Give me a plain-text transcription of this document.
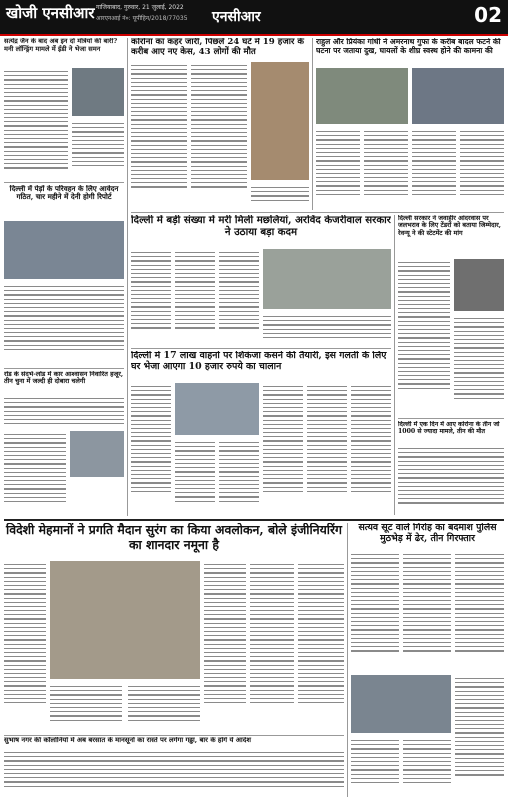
खोजी एनसीआर गाजियाबाद, गुरुवार, 21 जुलाई, 2022
आरएनआई नं०: यूपीहिन/2018/77035 एनसीआर	02

सत्येंद्र जैन के बाद अब इन दो मंत्रियों की बारी? मनी लॉन्ड्रिंग मामले में ईडी ने भेजा समन

दिल्ली में पेड़ों के परिवहन के लिए आवेदन गठित, चार महीने में देनी होगी रिपोर्ट

रोड के संदर्भ-लोड में कार आश्वासन निवारित हजूर, तीन चुना में जल्दी ही दोबारा चलेगी

कोरोना का कहर जारी, पिछले 24 घंटे में 19 हजार के करीब आए नए केस, 43 लोगों की मौत

राहुल और प्रियंका गांधी ने अमरनाथ गुफा के करीब बादल फटने की घटना पर जताया दुख, घायलों के शीघ्र स्वस्थ होने की कामना की

दिल्ली में बड़ी संख्या में मरी मिली मछलियां, अरविंद केजरीवाल सरकार ने उठाया बड़ा कदम

दिल्ली सरकार ने जवाहीर आंदरवास पर जलभराव के लिए टेंडरों को बताया जिम्मेदार, रेवन्यू ने की स्टेटमेंट की मांग

दिल्ली में 17 लाख वाहनों पर शिकंजा कसने की तैयारी, इस गलती के लिए घर भेजा आएगा 10 हजार रुपये का चालान

दिल्ली में एक दिन में आए कोरोना के तीन जो 1000 से ज्यादा मामले, तीन की मौत

विदेशी मेहमानों ने प्रगति मैदान सुरंग का किया अवलोकन, बोले इंजीनियरिंग का शानदार नमूना है

सुभाष नगर की कॉलोनियों में अब बरसात के मानसूनों का रास्ते पर लगेगा गढ्ढा, बार के होंगे ये आदेश

सत्यव सूट वाले गिरोह का बदमाश पुलिस मुठभेड़ में ढेर, तीन गिरफ्तार
